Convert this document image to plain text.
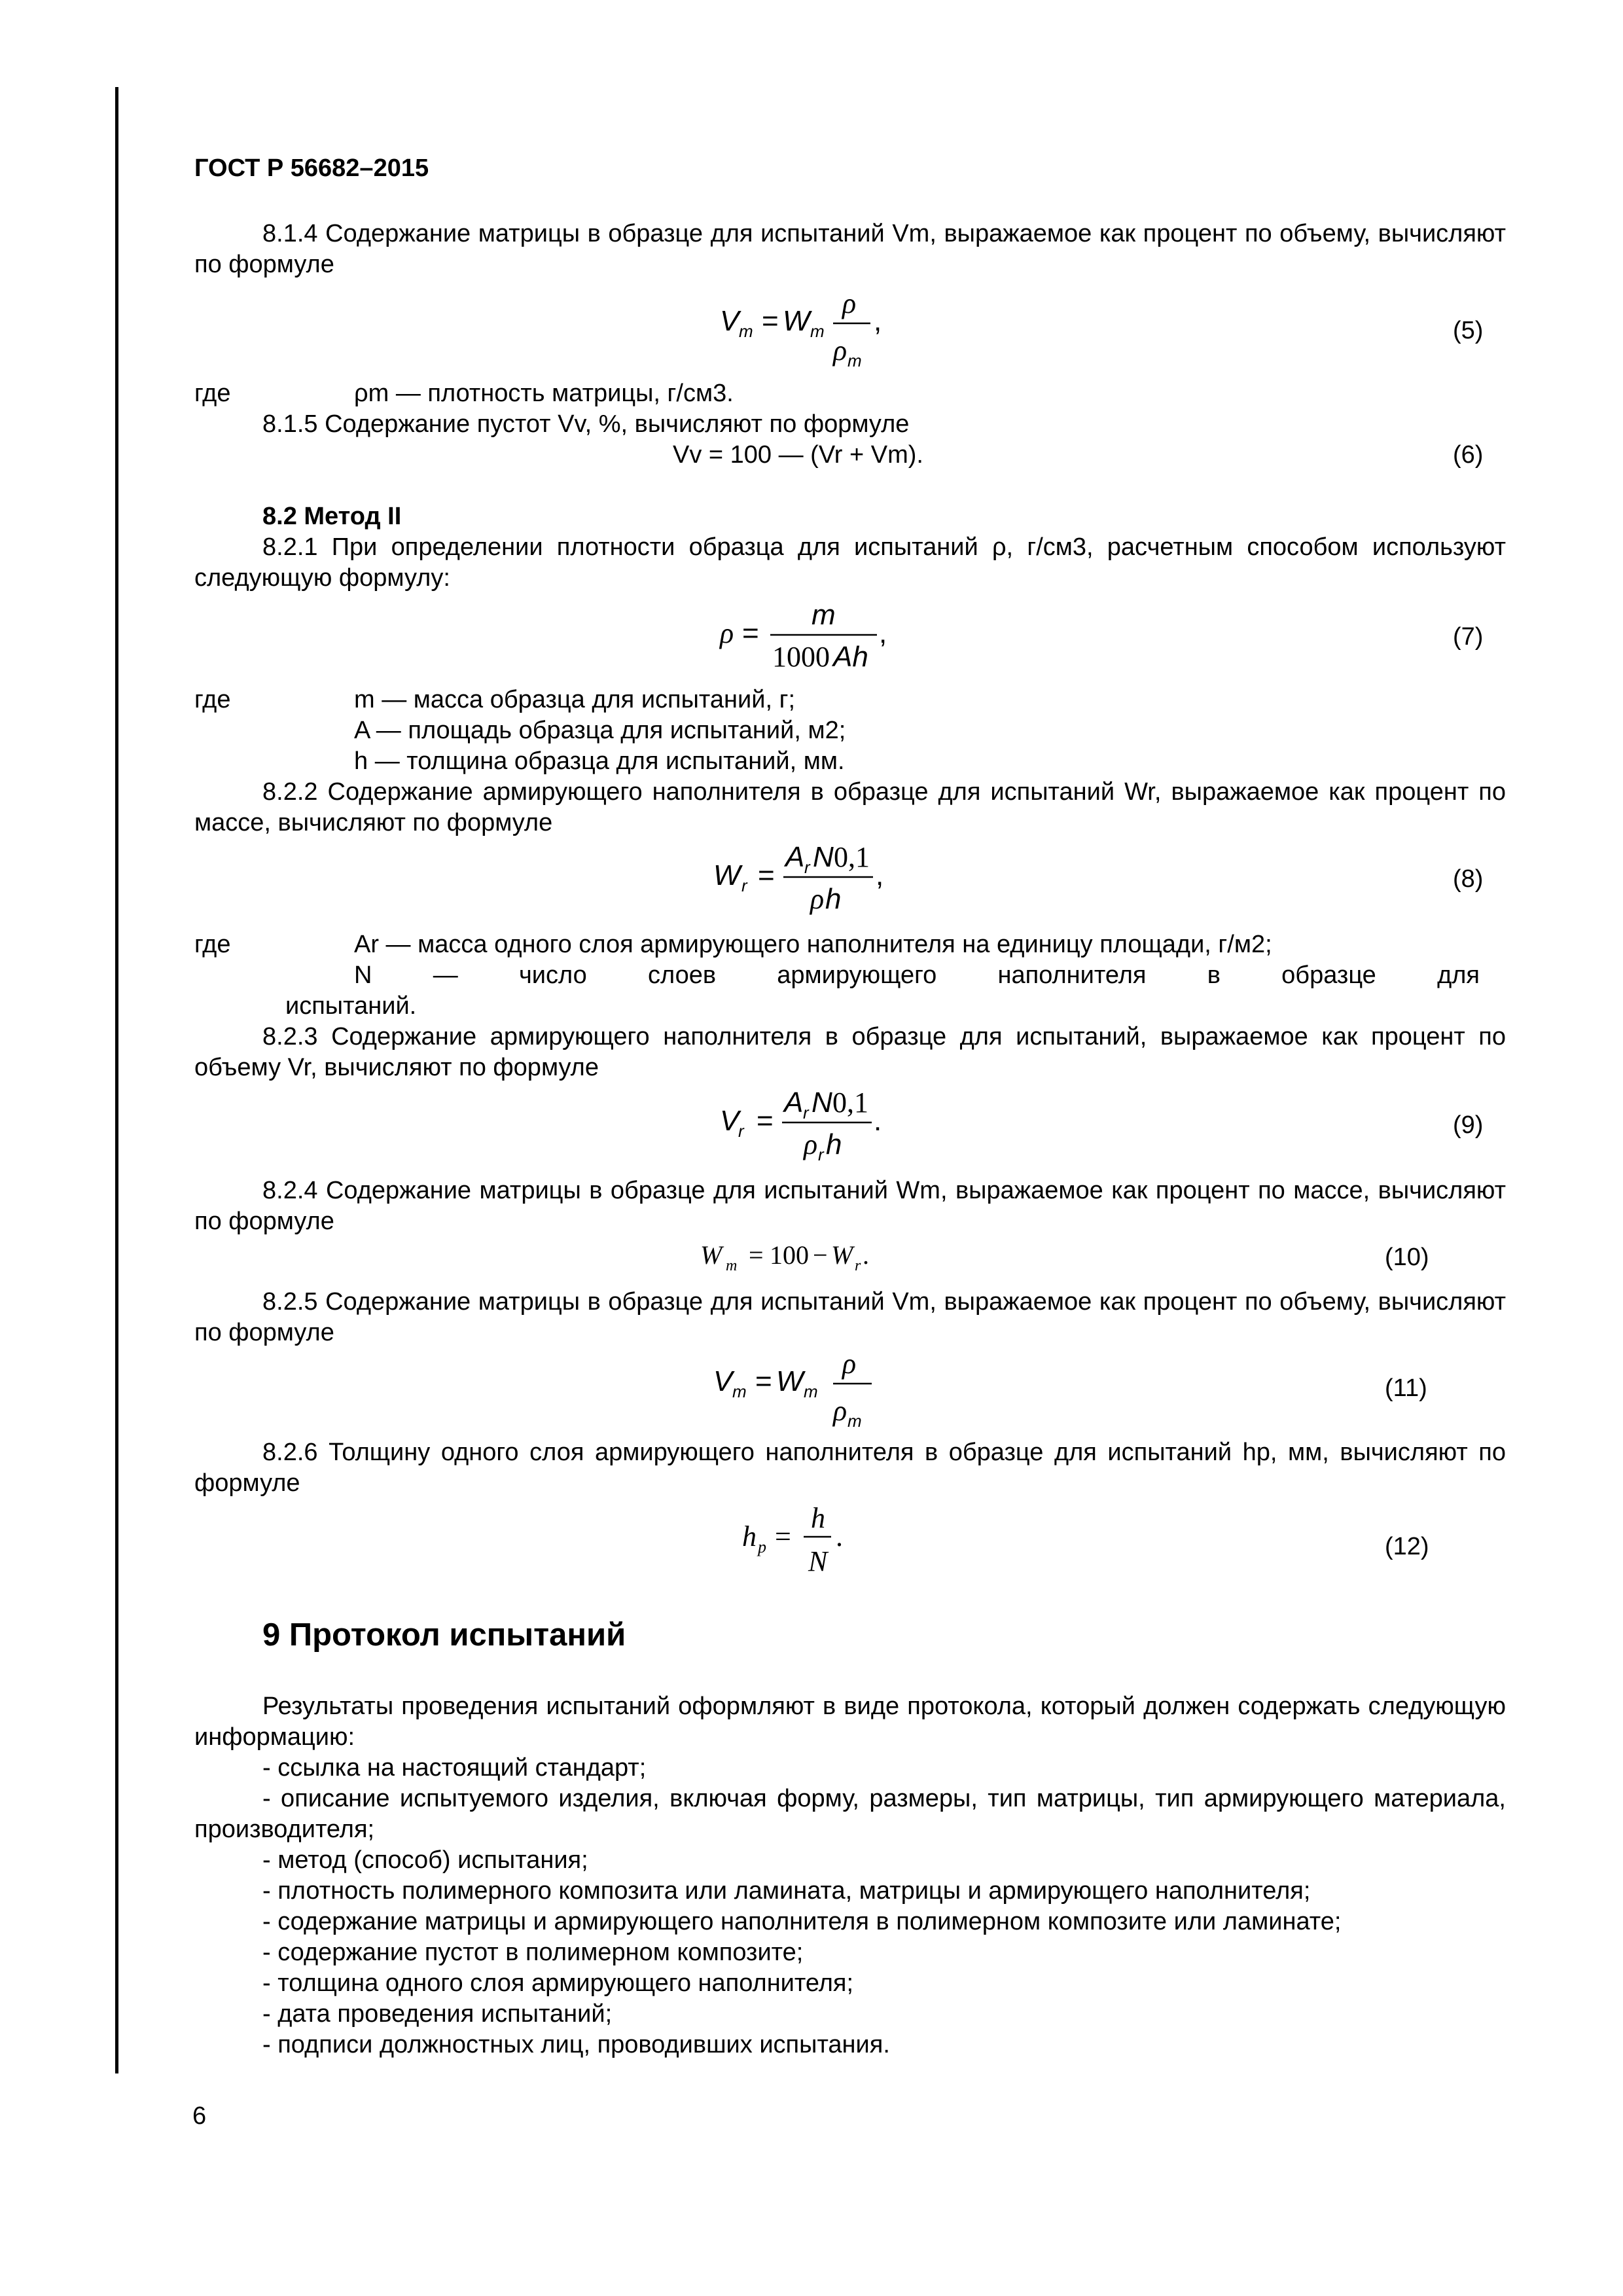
ГОСТ Р 56682–2015
8.1.4 Содержание матрицы в образце для испытаний Vm, выражаемое как процент по объему, вычисляют по формуле
V m = W m
ρ
ρ m
,	(5)
где	ρm — плотность матрицы, г/см3.
8.1.5 Содержание пустот Vv, %, вычисляют по формуле
Vv = 100 — (Vr + Vm).	(6)
8.2 Метод II
8.2.1 При определении плотности образца для испытаний ρ, г/см3, расчетным способом используют следующую формулу:
ρ =
m
1000 Ah
,	(7)
где	m — масса образца для испытаний, г;
A — площадь образца для испытаний, м2;
h — толщина образца для испытаний, мм.
8.2.2 Содержание армирующего наполнителя в образце для испытаний Wr, выражаемое как процент по массе, вычисляют по формуле
W r =
A r N 0,1
ρ h
,	(8)
где	Ar — масса одного слоя армирующего наполнителя на единицу площади, г/м2;
N — число слоев армирующего наполнителя в образце для
испытаний.
8.2.3 Содержание армирующего наполнителя в образце для испытаний, выражаемое как процент по объему Vr, вычисляют по формуле
V
r =
A r N 0,1
ρ r h
.	(9)
8.2.4 Содержание матрицы в образце для испытаний Wm, выражаемое как процент по массе, вычисляют по формуле
W m = 100 − W r .	(10)
8.2.5 Содержание матрицы в образце для испытаний Vm, выражаемое как процент по объему, вычисляют по формуле
V m = W m
ρ
ρ m
(11)
8.2.6 Толщину одного слоя армирующего наполнителя в образце для испытаний hp, мм, вычисляют по формуле
h p =
h
N
.	(12)
9 Протокол испытаний
Результаты проведения испытаний оформляют в виде протокола, который должен содержать следующую информацию:
- ссылка на настоящий стандарт;
- описание испытуемого изделия, включая форму, размеры, тип матрицы, тип армирующего материала, производителя;
- метод (способ) испытания;
- плотность полимерного композита или ламината, матрицы и армирующего наполнителя;
- содержание матрицы и армирующего наполнителя в полимерном композите или ламинате;
- содержание пустот в полимерном композите;
- толщина одного слоя армирующего наполнителя;
- дата проведения испытаний;
- подписи должностных лиц, проводивших испытания.
6
